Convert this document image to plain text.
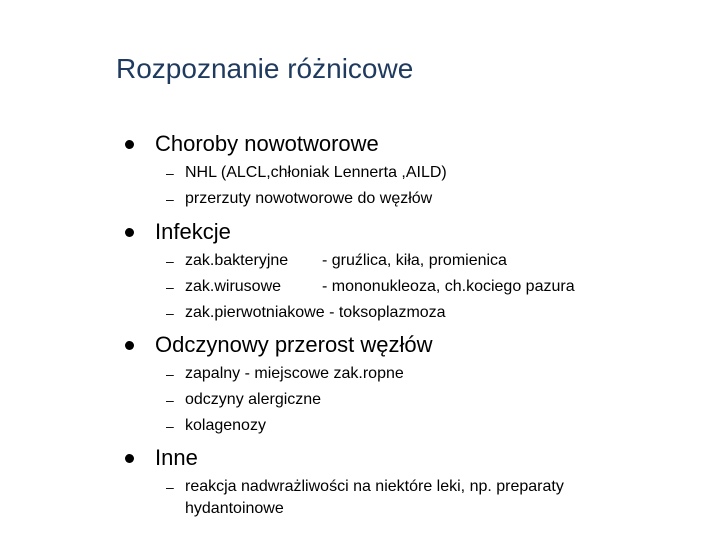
Rozpoznanie różnicowe
Choroby nowotworowe
– NHL (ALCL,chłoniak Lennerta ,AILD)
– przerzuty nowotworowe do węzłów
Infekcje
– zak.bakteryjne - gruźlica, kiła, promienica
– zak.wirusowe	- mononukleoza, ch.kociego pazura
– zak.pierwotniakowe - toksoplazmoza
Odczynowy przerost węzłów
– zapalny - miejscowe zak.ropne
– odczyny alergiczne
– kolagenozy
Inne
– reakcja nadwrażliwości na niektóre leki, np. preparaty hydantoinowe
